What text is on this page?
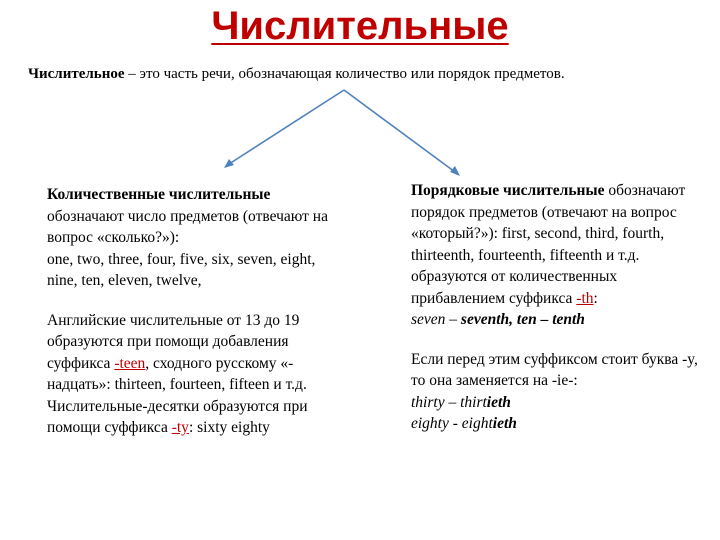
Числительные
Числительное – это часть речи, обозначающая количество или порядок предметов.

Количественные числительные обозначают число предметов (отвечают на вопрос «сколько?»):
one, two, three, four, five, six, seven, eight, nine, ten, eleven, twelve,

Английские числительные от 13 до 19 образуются при помощи добавления суффикса -teen, сходного русскому «-надцать»: thirteen, fourteen, fifteen и т.д. Числительные-десятки образуются при помощи суффикса -ty: sixty eighty

Порядковые числительные обозначают порядок предметов (отвечают на вопрос «который?»): first, second, third, fourth, thirteenth, fourteenth, fifteenth и т.д. образуются от количественных прибавлением суффикса -th:
seven – seventh, ten – tenth

Если перед этим суффиксом стоит буква -y, то она заменяется на -ie-:
thirty – thirtieth
eighty - eightieth
